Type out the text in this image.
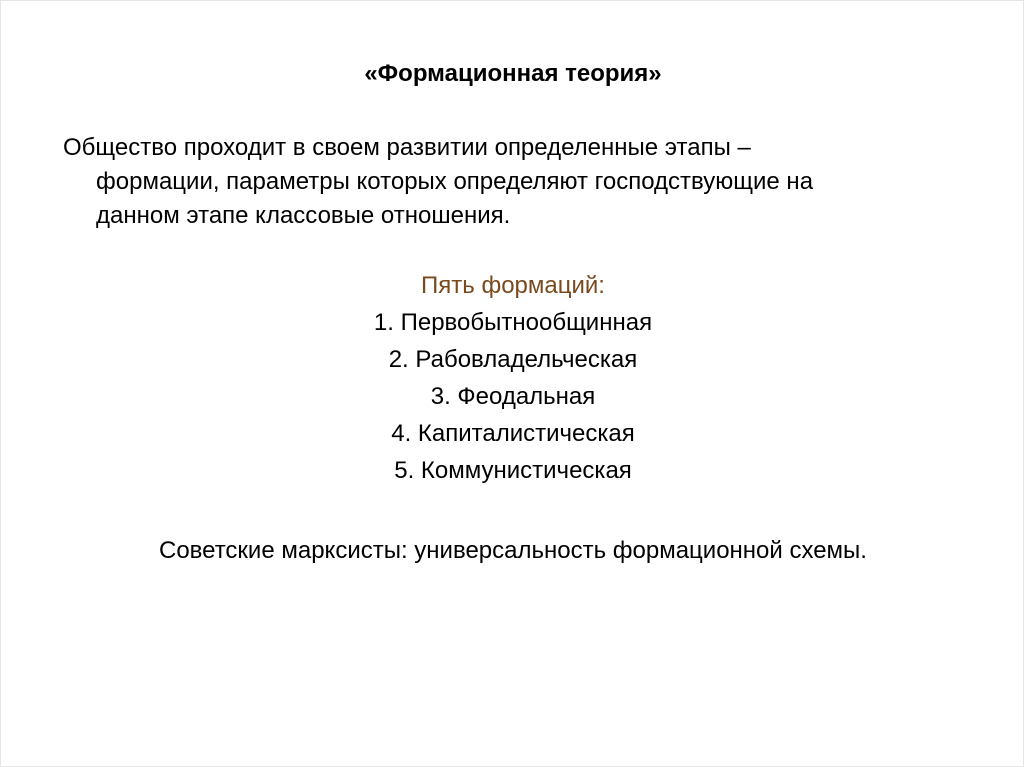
«Формационная теория»
Общество проходит в своем развитии определенные этапы –
формации, параметры которых определяют господствующие на
данном этапе классовые отношения.
Пять формаций:
1. Первобытнообщинная
2. Рабовладельческая
3. Феодальная
4. Капиталистическая
5. Коммунистическая
Советские марксисты: универсальность формационной схемы.
